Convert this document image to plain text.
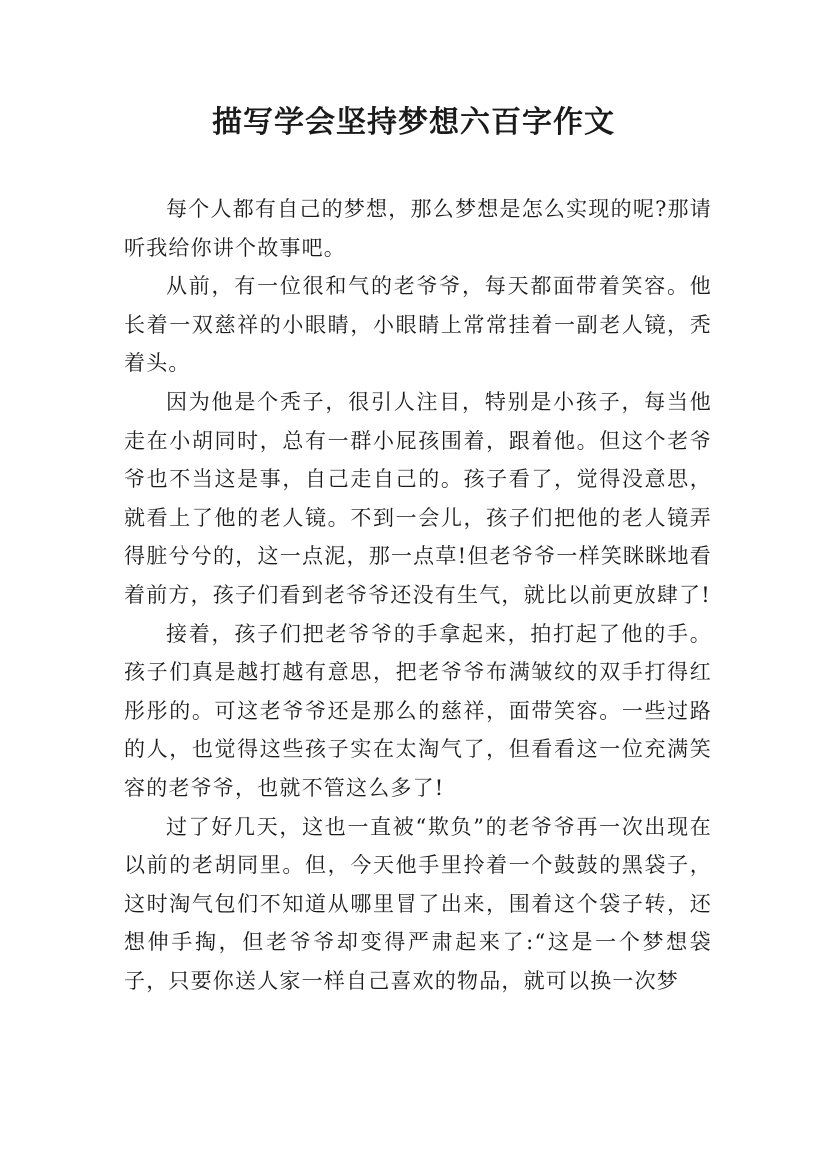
描写学会坚持梦想六百字作文

每个人都有自己的梦想，那么梦想是怎么实现的呢?那请听我给你讲个故事吧。

从前，有一位很和气的老爷爷，每天都面带着笑容。他长着一双慈祥的小眼睛，小眼睛上常常挂着一副老人镜，秃着头。

因为他是个秃子，很引人注目，特别是小孩子，每当他走在小胡同时，总有一群小屁孩围着，跟着他。但这个老爷爷也不当这是事，自己走自己的。孩子看了，觉得没意思，就看上了他的老人镜。不到一会儿，孩子们把他的老人镜弄得脏兮兮的，这一点泥，那一点草!但老爷爷一样笑眯眯地看着前方，孩子们看到老爷爷还没有生气，就比以前更放肆了!

接着，孩子们把老爷爷的手拿起来，拍打起了他的手。孩子们真是越打越有意思，把老爷爷布满皱纹的双手打得红彤彤的。可这老爷爷还是那么的慈祥，面带笑容。一些过路的人，也觉得这些孩子实在太淘气了，但看看这一位充满笑容的老爷爷，也就不管这么多了!

过了好几天，这也一直被“欺负”的老爷爷再一次出现在以前的老胡同里。但，今天他手里拎着一个鼓鼓的黑袋子，这时淘气包们不知道从哪里冒了出来，围着这个袋子转，还想伸手掏，但老爷爷却变得严肃起来了:“这是一个梦想袋子，只要你送人家一样自己喜欢的物品，就可以换一次梦
